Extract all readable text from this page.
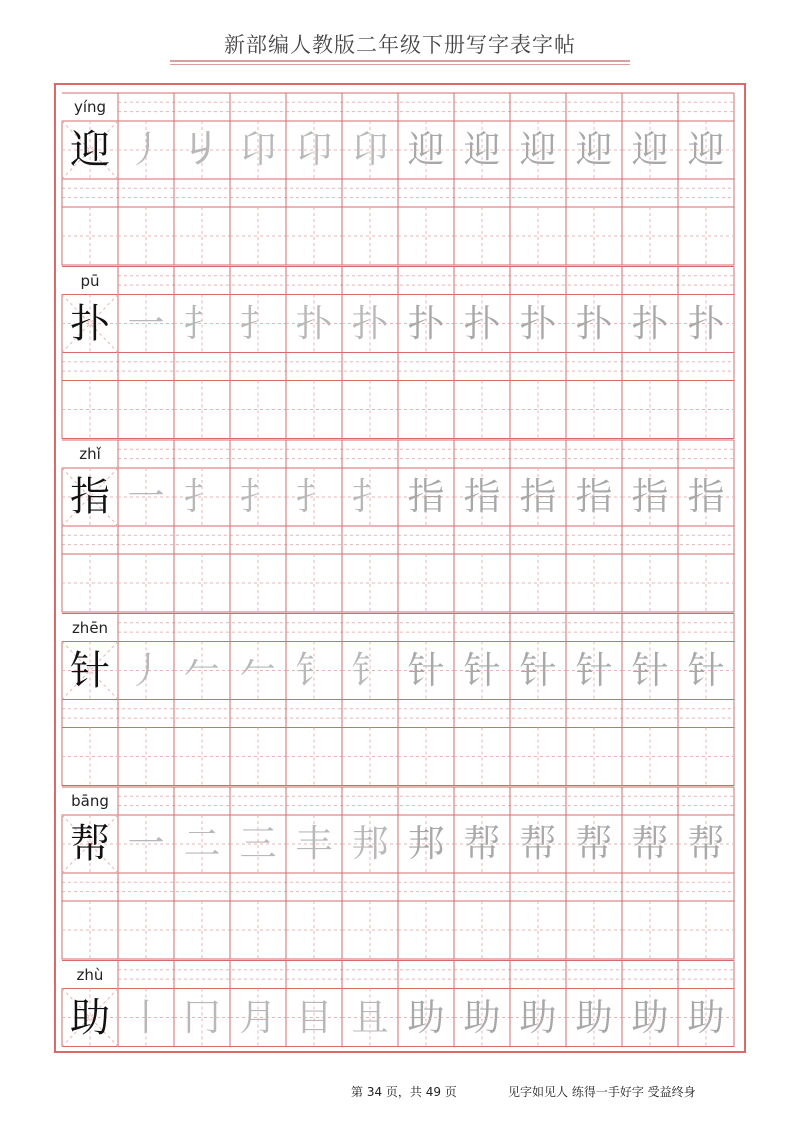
新部编人教版二年级下册写字表字帖
yíng
迎 丿 𠂈 卬 卬 卬 迎 迎 迎 迎 迎 迎
pū
扑 一 扌 扌 扑 扑 扑 扑 扑 扑 扑 扑
zhǐ
指 一 扌 扌 扌 扌 指 指 指 指 指 指
zhēn
针 丿 𠂉 𠂉 钅 钅 针 针 针 针 针 针
bāng
帮 一 二 三 丰 邦 邦 帮 帮 帮 帮 帮
zhù
助 丨 冂 月 目 且 助 助 助 助 助 助
第 34 页，共 49 页	见字如见人 练得一手好字 受益终身
